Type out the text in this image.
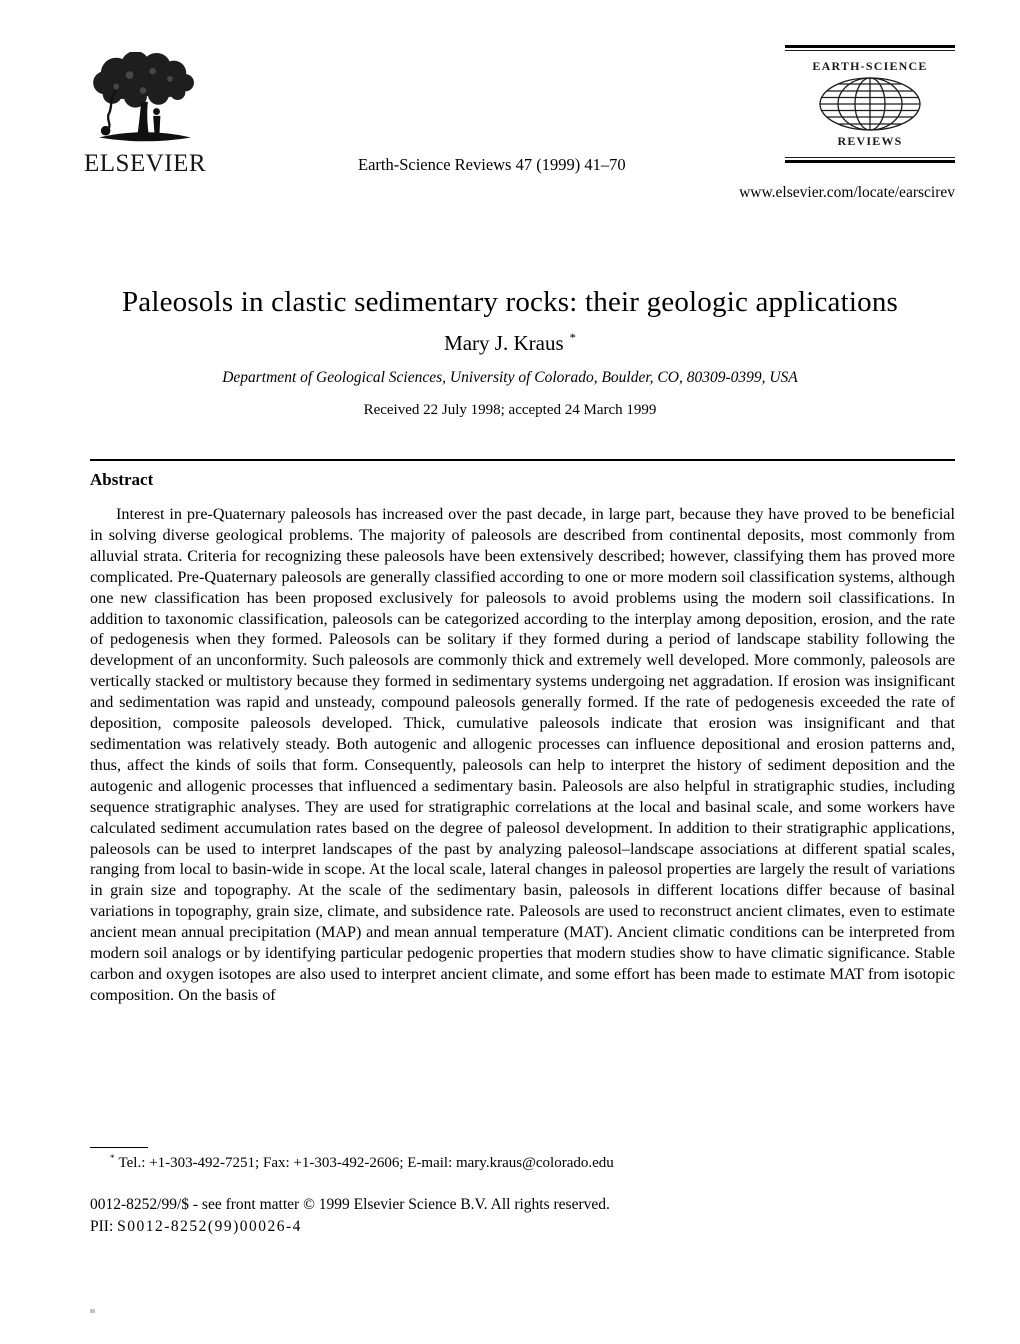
ELSEVIER	Earth-Science Reviews 47 (1999) 41–70
EARTH-SCIENCE
REVIEWS
www.elsevier.com/locate/earscirev
Paleosols in clastic sedimentary rocks: their geologic applications
Mary J. Kraus *
Department of Geological Sciences, University of Colorado, Boulder, CO, 80309-0399, USA
Received 22 July 1998; accepted 24 March 1999
Abstract
Interest in pre-Quaternary paleosols has increased over the past decade, in large part, because they have proved to be beneficial in solving diverse geological problems. The majority of paleosols are described from continental deposits, most commonly from alluvial strata. Criteria for recognizing these paleosols have been extensively described; however, classifying them has proved more complicated. Pre-Quaternary paleosols are generally classified according to one or more modern soil classification systems, although one new classification has been proposed exclusively for paleosols to avoid problems using the modern soil classifications. In addition to taxonomic classification, paleosols can be categorized according to the interplay among deposition, erosion, and the rate of pedogenesis when they formed. Paleosols can be solitary if they formed during a period of landscape stability following the development of an unconformity. Such paleosols are commonly thick and extremely well developed. More commonly, paleosols are vertically stacked or multistory because they formed in sedimentary systems undergoing net aggradation. If erosion was insignificant and sedimentation was rapid and unsteady, compound paleosols generally formed. If the rate of pedogenesis exceeded the rate of deposition, composite paleosols developed. Thick, cumulative paleosols indicate that erosion was insignificant and that sedimentation was relatively steady. Both autogenic and allogenic processes can influence depositional and erosion patterns and, thus, affect the kinds of soils that form. Consequently, paleosols can help to interpret the history of sediment deposition and the autogenic and allogenic processes that influenced a sedimentary basin. Paleosols are also helpful in stratigraphic studies, including sequence stratigraphic analyses. They are used for stratigraphic correlations at the local and basinal scale, and some workers have calculated sediment accumulation rates based on the degree of paleosol development. In addition to their stratigraphic applications, paleosols can be used to interpret landscapes of the past by analyzing paleosol–landscape associations at different spatial scales, ranging from local to basin-wide in scope. At the local scale, lateral changes in paleosol properties are largely the result of variations in grain size and topography. At the scale of the sedimentary basin, paleosols in different locations differ because of basinal variations in topography, grain size, climate, and subsidence rate. Paleosols are used to reconstruct ancient climates, even to estimate ancient mean annual precipitation (MAP) and mean annual temperature (MAT). Ancient climatic conditions can be interpreted from modern soil analogs or by identifying particular pedogenic properties that modern studies show to have climatic significance. Stable carbon and oxygen isotopes are also used to interpret ancient climate, and some effort has been made to estimate MAT from isotopic composition. On the basis of
* Tel.: +1-303-492-7251; Fax: +1-303-492-2606; E-mail: mary.kraus@colorado.edu
0012-8252/99/$ - see front matter © 1999 Elsevier Science B.V. All rights reserved.
PII: S0012-8252(99)00026-4
